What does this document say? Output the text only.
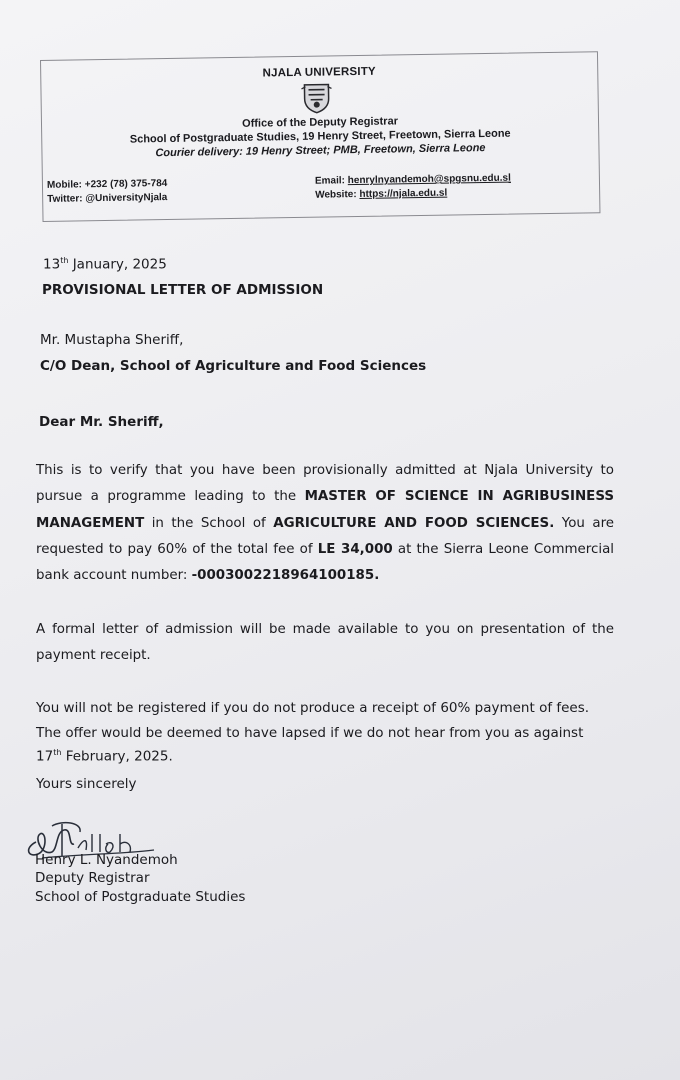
NJALA UNIVERSITY
Office of the Deputy Registrar
School of Postgraduate Studies, 19 Henry Street, Freetown, Sierra Leone
Courier delivery: 19 Henry Street; PMB, Freetown, Sierra Leone
Mobile: +232 (78) 375-784
Twitter: @UniversityNjala
Email: henrylnyandemoh@spgsnu.edu.sl
Website: https://njala.edu.sl
13th January, 2025
PROVISIONAL LETTER OF ADMISSION
Mr. Mustapha Sheriff,
C/O Dean, School of Agriculture and Food Sciences
Dear Mr. Sheriff,
This is to verify that you have been provisionally admitted at Njala University to pursue a programme leading to the MASTER OF SCIENCE IN AGRIBUSINESS MANAGEMENT in the School of AGRICULTURE AND FOOD SCIENCES. You are requested to pay 60% of the total fee of LE 34,000 at the Sierra Leone Commercial bank account number: -0003002218964100185.
A formal letter of admission will be made available to you on presentation of the payment receipt.
You will not be registered if you do not produce a receipt of 60% payment of fees.
The offer would be deemed to have lapsed if we do not hear from you as against
17th February, 2025.
Yours sincerely
Henry L. Nyandemoh
Deputy Registrar
School of Postgraduate Studies
